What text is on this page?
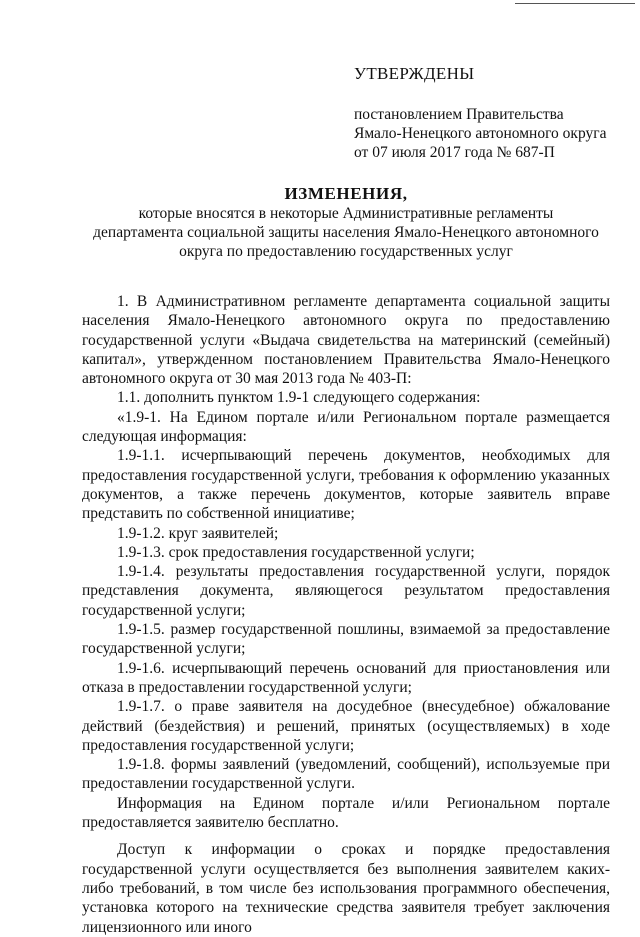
УТВЕРЖДЕНЫ

постановлением Правительства

Ямало-Ненецкого автономного округа

от 07 июля 2017 года № 687-П

ИЗМЕНЕНИЯ,

которые вносятся в некоторые Административные регламенты

департамента социальной защиты населения Ямало-Ненецкого автономного

округа по предоставлению государственных услуг

1. В Административном регламенте департамента социальной защиты населения Ямало-Ненецкого автономного округа по предоставлению государственной услуги «Выдача свидетельства на материнский (семейный) капитал», утвержденном постановлением Правительства Ямало-Ненецкого автономного округа от 30 мая 2013 года № 403-П:

1.1. дополнить пунктом 1.9-1 следующего содержания:

«1.9-1. На Едином портале и/или Региональном портале размещается следующая информация:

1.9-1.1. исчерпывающий перечень документов, необходимых для предоставления государственной услуги, требования к оформлению указанных документов, а также перечень документов, которые заявитель вправе представить по собственной инициативе;

1.9-1.2. круг заявителей;

1.9-1.3. срок предоставления государственной услуги;

1.9-1.4. результаты предоставления государственной услуги, порядок представления документа, являющегося результатом предоставления государственной услуги;

1.9-1.5. размер государственной пошлины, взимаемой за предоставление государственной услуги;

1.9-1.6. исчерпывающий перечень оснований для приостановления или отказа в предоставлении государственной услуги;

1.9-1.7. о праве заявителя на досудебное (внесудебное) обжалование действий (бездействия) и решений, принятых (осуществляемых) в ходе предоставления государственной услуги;

1.9-1.8. формы заявлений (уведомлений, сообщений), используемые при предоставлении государственной услуги.

Информация на Едином портале и/или Региональном портале предоставляется заявителю бесплатно.

Доступ к информации о сроках и порядке предоставления государственной услуги осуществляется без выполнения заявителем каких-либо требований, в том числе без использования программного обеспечения, установка которого на технические средства заявителя требует заключения лицензионного или иного
